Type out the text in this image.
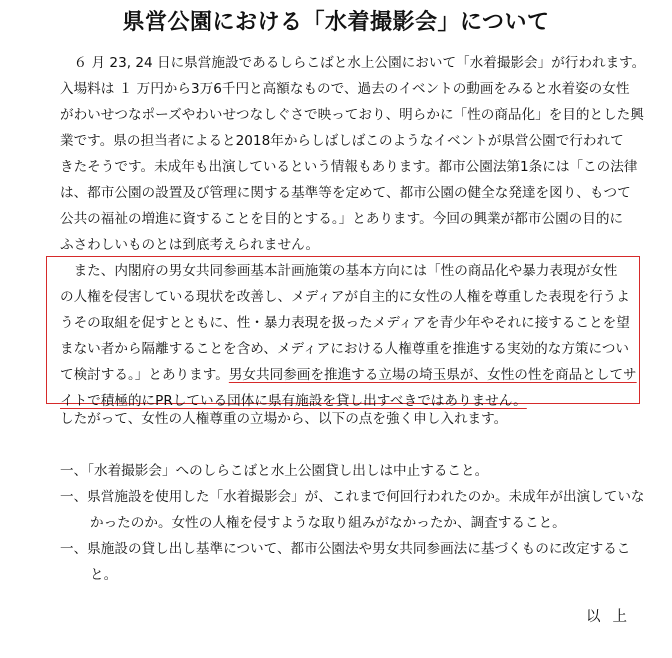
県営公園における「水着撮影会」について
　６ 月 23, 24 日に県営施設であるしらこばと水上公園において「水着撮影会」が行われます。
入場料は １ 万円から3万6千円と高額なもので、過去のイベントの動画をみると水着姿の女性
がわいせつなポーズやわいせつなしぐさで映っており、明らかに「性の商品化」を目的とした興
業です。県の担当者によると2018年からしばしばこのようなイベントが県営公園で行われて
きたそうです。未成年も出演しているという情報もあります。都市公園法第1条には「この法律
は、都市公園の設置及び管理に関する基準等を定めて、都市公園の健全な発達を図り、もつて
公共の福祉の増進に資することを目的とする。」とあります。今回の興業が都市公園の目的に
ふさわしいものとは到底考えられません。
　また、内閣府の男女共同参画基本計画施策の基本方向には「性の商品化や暴力表現が女性
の人権を侵害している現状を改善し、メディアが自主的に女性の人権を尊重した表現を行うよ
うその取組を促すとともに、性・暴力表現を扱ったメディアを青少年やそれに接することを望
まない者から隔離することを含め、メディアにおける人権尊重を推進する実効的な方策につい
て検討する。」とあります。男女共同参画を推進する立場の埼玉県が、女性の性を商品としてサ
イトで積極的にPRしている団体に県有施設を貸し出すべきではありません。
したがって、女性の人権尊重の立場から、以下の点を強く申し入れます。
一、「水着撮影会」へのしらこばと水上公園貸し出しは中止すること。
一、県営施設を使用した「水着撮影会」が、これまで何回行われたのか。未成年が出演していな
かったのか。女性の人権を侵すような取り組みがなかったか、調査すること。
一、県施設の貸し出し基準について、都市公園法や男女共同参画法に基づくものに改定するこ
と。
以上
